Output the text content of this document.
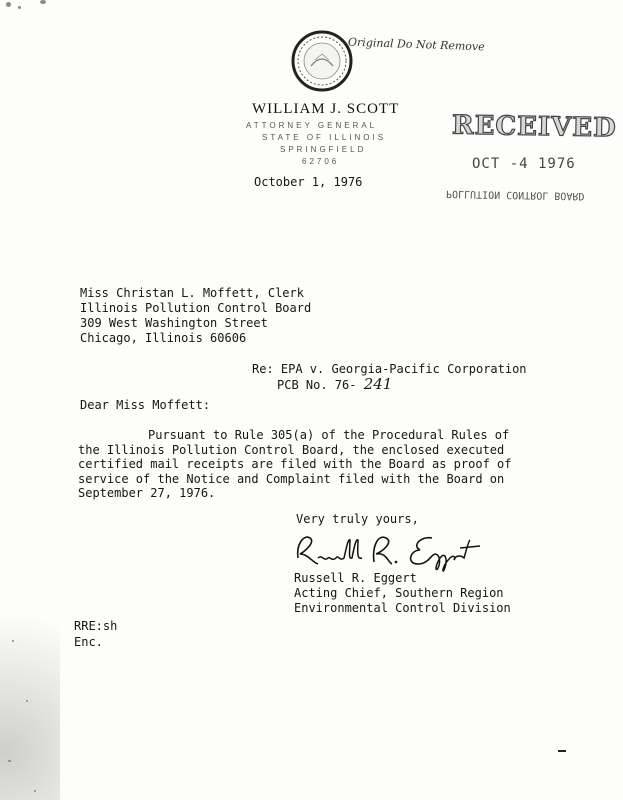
Original Do Not Remove
WILLIAM J. SCOTT
ATTORNEY GENERAL
STATE OF ILLINOIS
SPRINGFIELD
62706
RECEIVED
OCT -4 1976
POLLUTION CONTROL BOARD
October 1, 1976
Miss Christan L. Moffett, Clerk
Illinois Pollution Control Board
309 West Washington Street
Chicago, Illinois 60606
Re: EPA v. Georgia-Pacific Corporation
PCB No. 76- 241
Dear Miss Moffett:
Pursuant to Rule 305(a) of the Procedural Rules of
the Illinois Pollution Control Board, the enclosed executed
certified mail receipts are filed with the Board as proof of
service of the Notice and Complaint filed with the Board on
September 27, 1976.
Very truly yours,
Russell R. Eggert
Acting Chief, Southern Region
Environmental Control Division
RRE:sh
Enc.
